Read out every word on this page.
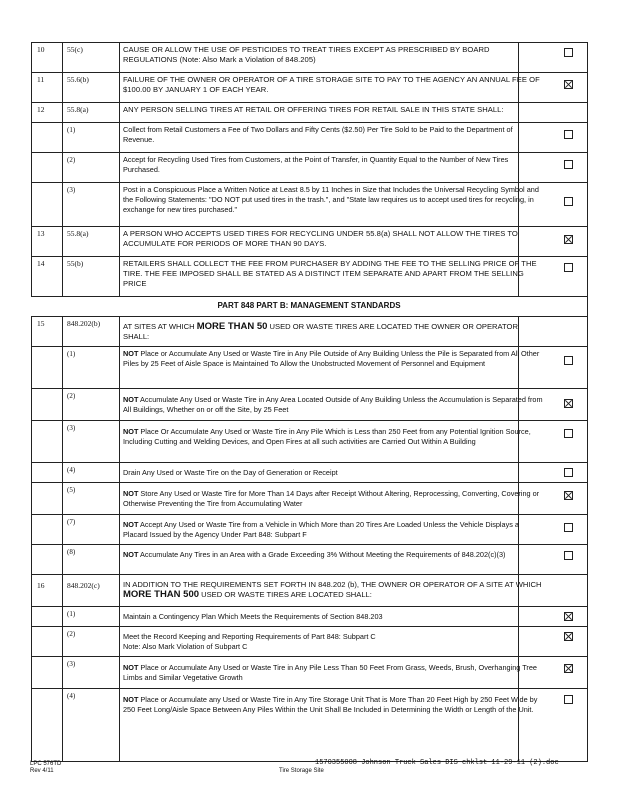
10	55(c)	CAUSE OR ALLOW THE USE OF PESTICIDES TO TREAT TIRES EXCEPT AS PRESCRIBED BY BOARD REGULATIONS (Note: Also Mark a Violation of 848.205)
11	55.6(b)	FAILURE OF THE OWNER OR OPERATOR OF A TIRE STORAGE SITE TO PAY TO THE AGENCY AN ANNUAL FEE OF $100.00 BY JANUARY 1 OF EACH YEAR.
12	55.8(a)	ANY PERSON SELLING TIRES AT RETAIL OR OFFERING TIRES FOR RETAIL SALE IN THIS STATE SHALL:
(1)	Collect from Retail Customers a Fee of Two Dollars and Fifty Cents ($2.50) Per Tire Sold to be Paid to the Department of Revenue.
(2)	Accept for Recycling Used Tires from Customers, at the Point of Transfer, in Quantity Equal to the Number of New Tires Purchased.
(3)	Post in a Conspicuous Place a Written Notice at Least 8.5 by 11 Inches in Size that Includes the Universal Recycling Symbol and the Following Statements: "DO NOT put used tires in the trash.", and "State law requires us to accept used tires for recycling, in exchange for new tires purchased."
13	55.8(a)	A PERSON WHO ACCEPTS USED TIRES FOR RECYCLING UNDER 55.8(a) SHALL NOT ALLOW THE TIRES TO ACCUMULATE FOR PERIODS OF MORE THAN 90 DAYS.
14	55(b)	RETAILERS SHALL COLLECT THE FEE FROM PURCHASER BY ADDING THE FEE TO THE SELLING PRICE OF THE TIRE. THE FEE IMPOSED SHALL BE STATED AS A DISTINCT ITEM SEPARATE AND APART FROM THE SELLING PRICE
PART 848 PART B: MANAGEMENT STANDARDS
15	848.202(b)	AT SITES AT WHICH MORE THAN 50 USED OR WASTE TIRES ARE LOCATED THE OWNER OR OPERATOR SHALL:
(1)	NOT Place or Accumulate Any Used or Waste Tire in Any Pile Outside of Any Building Unless the Pile is Separated from All Other Piles by 25 Feet of Aisle Space is Maintained To Allow the Unobstructed Movement of Personnel and Equipment
(2)	NOT Accumulate Any Used or Waste Tire in Any Area Located Outside of Any Building Unless the Accumulation is Separated from All Buildings, Whether on or off the Site, by 25 Feet
(3)	NOT Place Or Accumulate Any Used or Waste Tire in Any Pile Which is Less than 250 Feet from any Potential Ignition Source, Including Cutting and Welding Devices, and Open Fires at all such activities are Carried Out Within A Building
(4)	Drain Any Used or Waste Tire on the Day of Generation or Receipt
(5)	NOT Store Any Used or Waste Tire for More Than 14 Days after Receipt Without Altering, Reprocessing, Converting, Covering or Otherwise Preventing the Tire from Accumulating Water
(7)	NOT Accept Any Used or Waste Tire from a Vehicle in Which More than 20 Tires Are Loaded Unless the Vehicle Displays a Placard Issued by the Agency Under Part 848: Subpart F
(8)	NOT Accumulate Any Tires in an Area with a Grade Exceeding 3% Without Meeting the Requirements of 848.202(c)(3)
16	848.202(c)	IN ADDITION TO THE REQUIREMENTS SET FORTH IN 848.202 (b), THE OWNER OR OPERATOR OF A SITE AT WHICH MORE THAN 500 USED OR WASTE TIRES ARE LOCATED SHALL:
(1)	Maintain a Contingency Plan Which Meets the Requirements of Section 848.203
(2)	Meet the Record Keeping and Reporting Requirements of Part 848: Subpart C
Note: Also Mark Violation of Subpart C
(3)	NOT Place or Accumulate Any Used or Waste Tire in Any Pile Less Than 50 Feet From Grass, Weeds, Brush, Overhanging Tree Limbs and Similar Vegetative Growth
(4)	NOT Place or Accumulate any Used or Waste Tire in Any Tire Storage Unit That is More Than 20 Feet High by 250 Feet Wide by 250 Feet Long/Aisle Space Between Any Piles Within the Unit Shall Be Included in Determining the Width or Length of the Unit.
LPC 576TD
Rev 4/11	Tire Storage Site
1570355008 Johnson Truck Sales DIS chklst 11-29-11 (2).doc
